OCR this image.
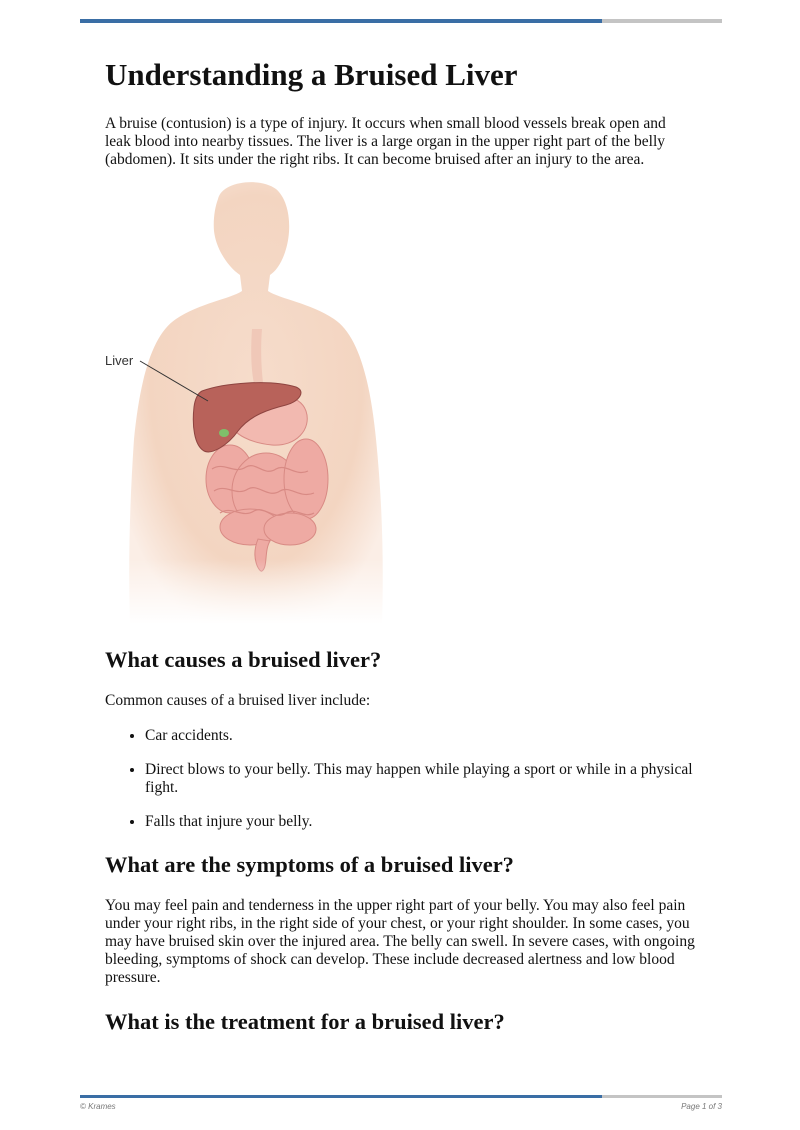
Understanding a Bruised Liver

A bruise (contusion) is a type of injury. It occurs when small blood vessels break open and leak blood into nearby tissues. The liver is a large organ in the upper right part of the belly (abdomen). It sits under the right ribs. It can become bruised after an injury to the area.

Liver
What causes a bruised liver?

Common causes of a bruised liver include:

• Car accidents.
• Direct blows to your belly. This may happen while playing a sport or while in a physical fight.
• Falls that injure your belly.
What are the symptoms of a bruised liver?

You may feel pain and tenderness in the upper right part of your belly. You may also feel pain under your right ribs, in the right side of your chest, or your right shoulder. In some cases, you may have bruised skin over the injured area. The belly can swell. In severe cases, with ongoing bleeding, symptoms of shock can develop. These include decreased alertness and low blood pressure.

What is the treatment for a bruised liver?
© Krames	Page 1 of 3
